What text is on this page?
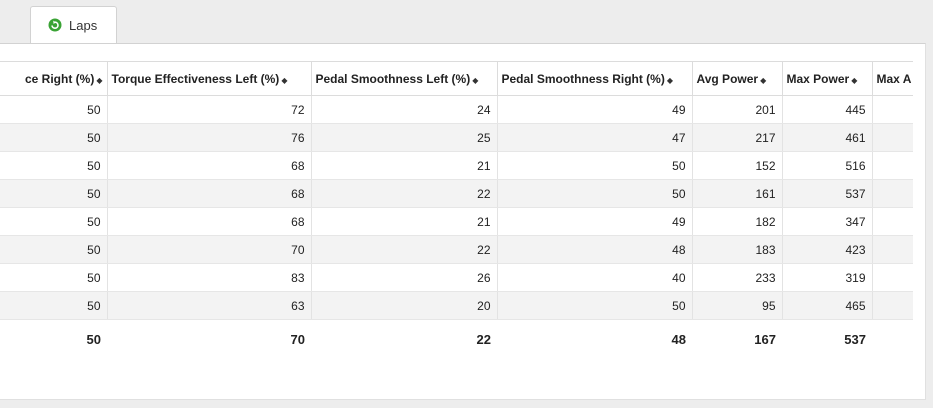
Laps
ce Right (%) ◆	Torque Effectiveness Left (%) ◆	Pedal Smoothness Left (%) ◆	Pedal Smoothness Right (%) ◆	Avg Power ◆	Max Power ◆	Max A
50	72	24	49	201	445	
50	76	25	47	217	461	
50	68	21	50	152	516	
50	68	22	50	161	537	
50	68	21	49	182	347	
50	70	22	48	183	423	
50	83	26	40	233	319	
50	63	20	50	95	465	
50	70	22	48	167	537	
